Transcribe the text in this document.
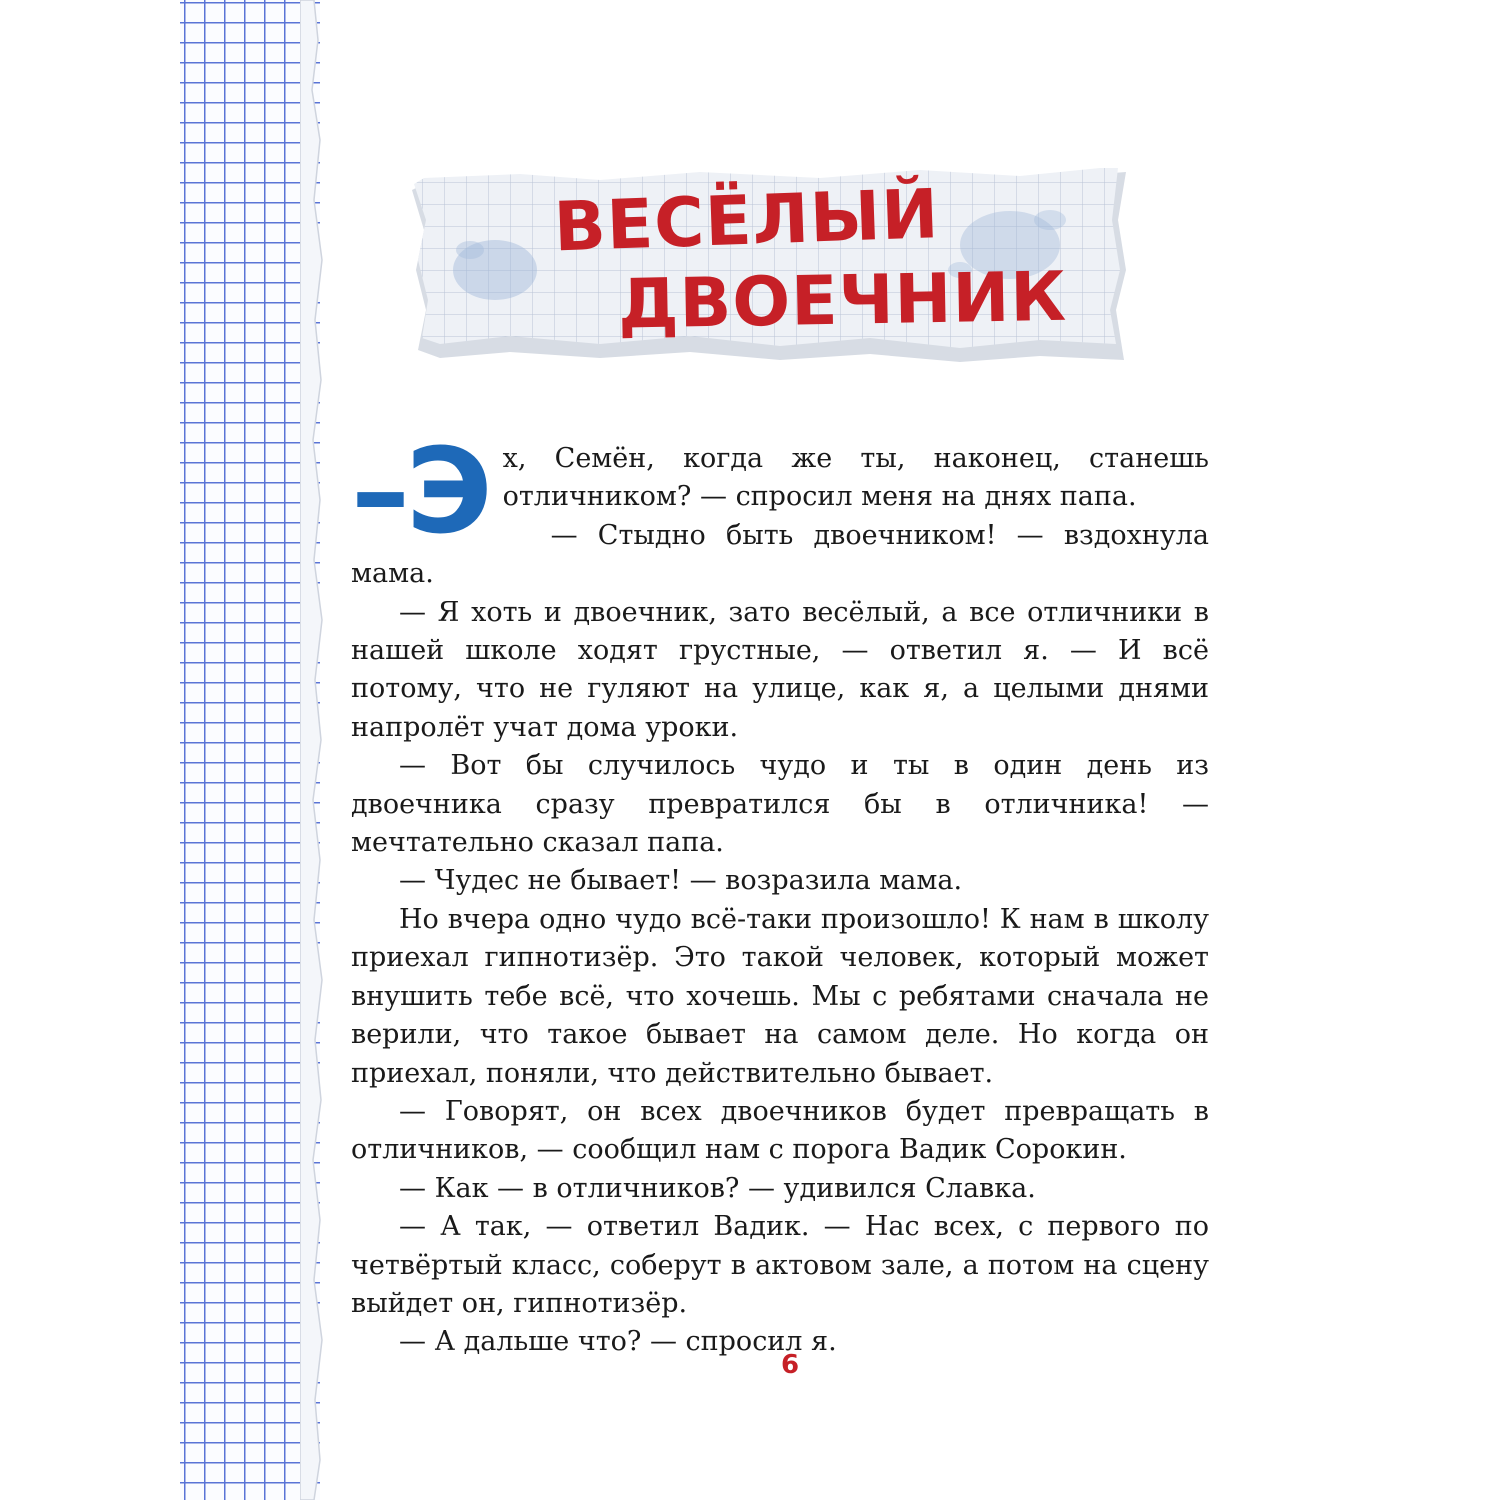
ВЕСЁЛЫЙ
ДВОЕЧНИК

–Э х, Семён, когда же ты, наконец, станешь отличником? — спросил меня на днях папа.

— Стыдно быть двоечником! — вздохнула мама.

— Я хоть и двоечник, зато весёлый, а все отличники в нашей школе ходят грустные, — ответил я. — И всё потому, что не гуляют на улице, как я, а целыми днями напролёт учат дома уроки.

— Вот бы случилось чудо и ты в один день из двоечника сразу превратился бы в отличника! — мечтательно сказал папа.

— Чудес не бывает! — возразила мама.

Но вчера одно чудо всё-таки произошло! К нам в школу приехал гипнотизёр. Это такой человек, который может внушить тебе всё, что хочешь. Мы с ребятами сначала не верили, что такое бывает на самом деле. Но когда он приехал, поняли, что действительно бывает.

— Говорят, он всех двоечников будет превращать в отличников, — сообщил нам с порога Вадик Сорокин.

— Как — в отличников? — удивился Славка.

— А так, — ответил Вадик. — Нас всех, с первого по четвёртый класс, соберут в актовом зале, а потом на сцену выйдет он, гипнотизёр.

— А дальше что? — спросил я.

6
